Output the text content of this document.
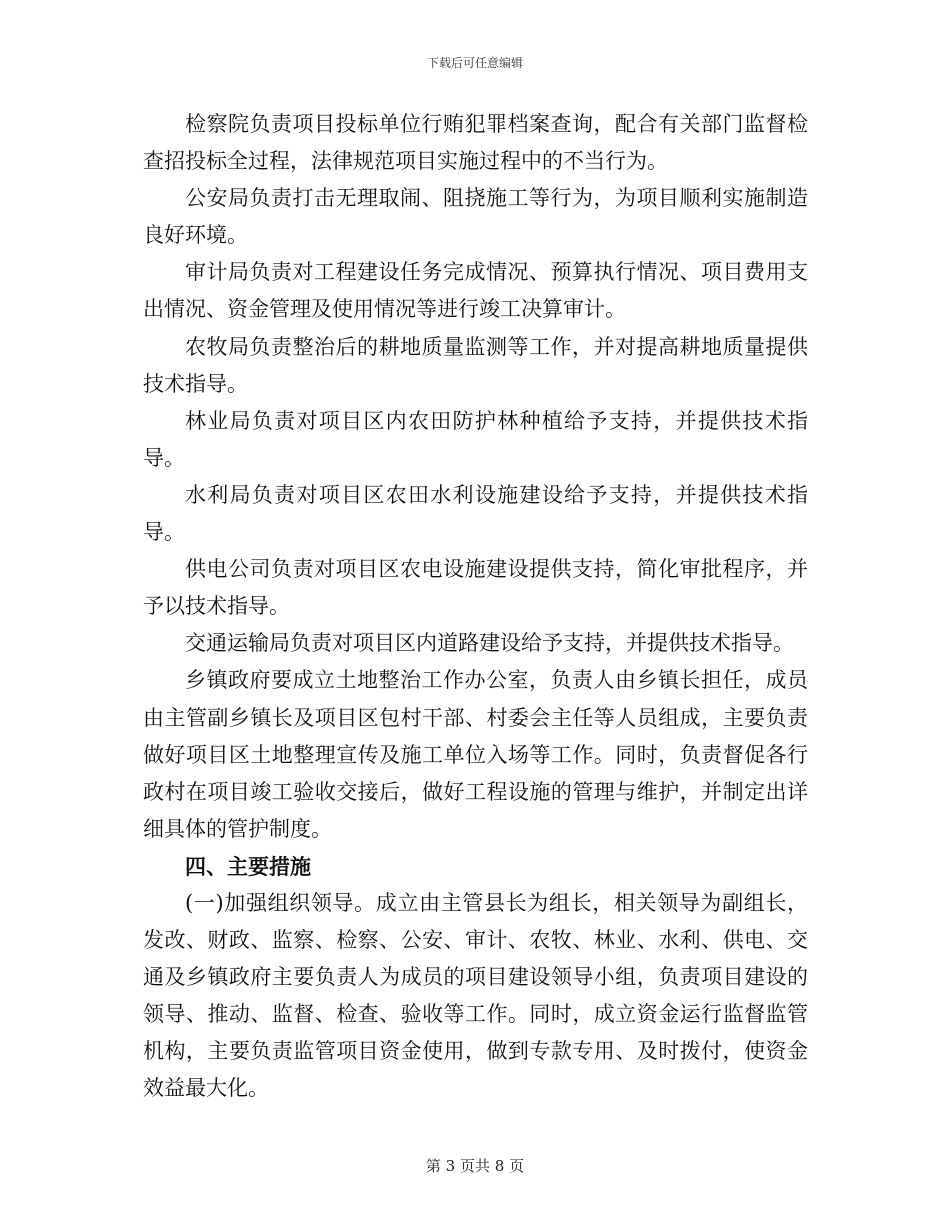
下载后可任意编辑

检察院负责项目投标单位行贿犯罪档案查询，配合有关部门监督检查招投标全过程，法律规范项目实施过程中的不当行为。

公安局负责打击无理取闹、阻挠施工等行为，为项目顺利实施制造良好环境。

审计局负责对工程建设任务完成情况、预算执行情况、项目费用支出情况、资金管理及使用情况等进行竣工决算审计。

农牧局负责整治后的耕地质量监测等工作，并对提高耕地质量提供技术指导。

林业局负责对项目区内农田防护林种植给予支持，并提供技术指导。

水利局负责对项目区农田水利设施建设给予支持，并提供技术指导。

供电公司负责对项目区农电设施建设提供支持，简化审批程序，并予以技术指导。

交通运输局负责对项目区内道路建设给予支持，并提供技术指导。

乡镇政府要成立土地整治工作办公室，负责人由乡镇长担任，成员由主管副乡镇长及项目区包村干部、村委会主任等人员组成，主要负责做好项目区土地整理宣传及施工单位入场等工作。同时，负责督促各行政村在项目竣工验收交接后，做好工程设施的管理与维护，并制定出详细具体的管护制度。

四、主要措施

(一)加强组织领导。成立由主管县长为组长，相关领导为副组长，发改、财政、监察、检察、公安、审计、农牧、林业、水利、供电、交通及乡镇政府主要负责人为成员的项目建设领导小组，负责项目建设的领导、推动、监督、检查、验收等工作。同时，成立资金运行监督监管机构，主要负责监管项目资金使用，做到专款专用、及时拨付，使资金效益最大化。

第 3 页共 8 页
